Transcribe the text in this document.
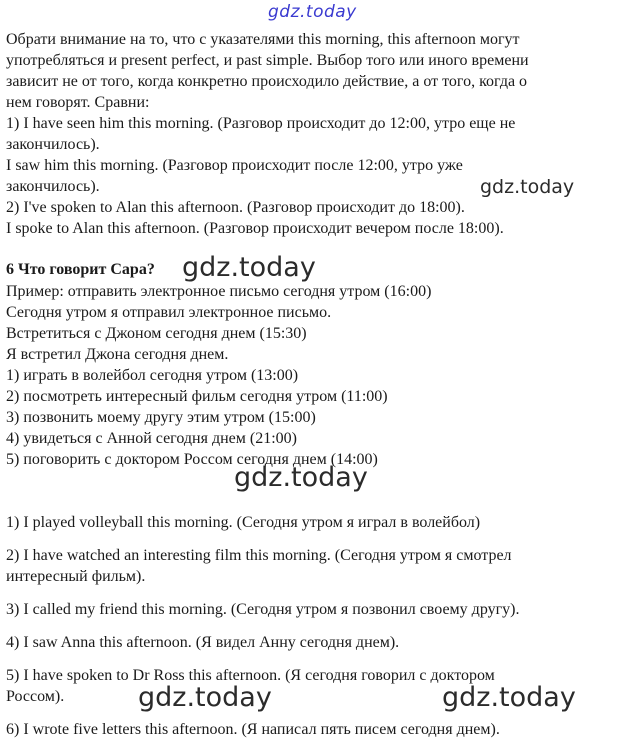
gdz.today
gdz.today
gdz.today
gdz.today
gdz.today	gdz.today
Обрати внимание на то, что с указателями this morning, this afternoon могут
употребляться и present perfect, и past simple. Выбор того или иного времени
зависит не от того, когда конкретно происходило действие, а от того, когда о
нем говорят. Сравни:
1) I have seen him this morning. (Разговор происходит до 12:00, утро еще не
закончилось).
I saw him this morning. (Разговор происходит после 12:00, утро уже
закончилось).
2) I've spoken to Alan this afternoon. (Разговор происходит до 18:00).
I spoke to Alan this afternoon. (Разговор происходит вечером после 18:00).
6 Что говорит Сара?
Пример: отправить электронное письмо сегодня утром (16:00)
Сегодня утром я отправил электронное письмо.
Встретиться с Джоном сегодня днем (15:30)
Я встретил Джона сегодня днем.
1) играть в волейбол сегодня утром (13:00)
2) посмотреть интересный фильм сегодня утром (11:00)
3) позвонить моему другу этим утром (15:00)
4) увидеться с Анной сегодня днем (21:00)
5) поговорить с доктором Россом сегодня днем (14:00)
1) I played volleyball this morning. (Сегодня утром я играл в волейбол)
2) I have watched an interesting film this morning. (Сегодня утром я смотрел
интересный фильм).
3) I called my friend this morning. (Сегодня утром я позвонил своему другу).
4) I saw Anna this afternoon. (Я видел Анну сегодня днем).
5) I have spoken to Dr Ross this afternoon. (Я сегодня говорил с доктором
Россом).
6) I wrote five letters this afternoon. (Я написал пять писем сегодня днем).
